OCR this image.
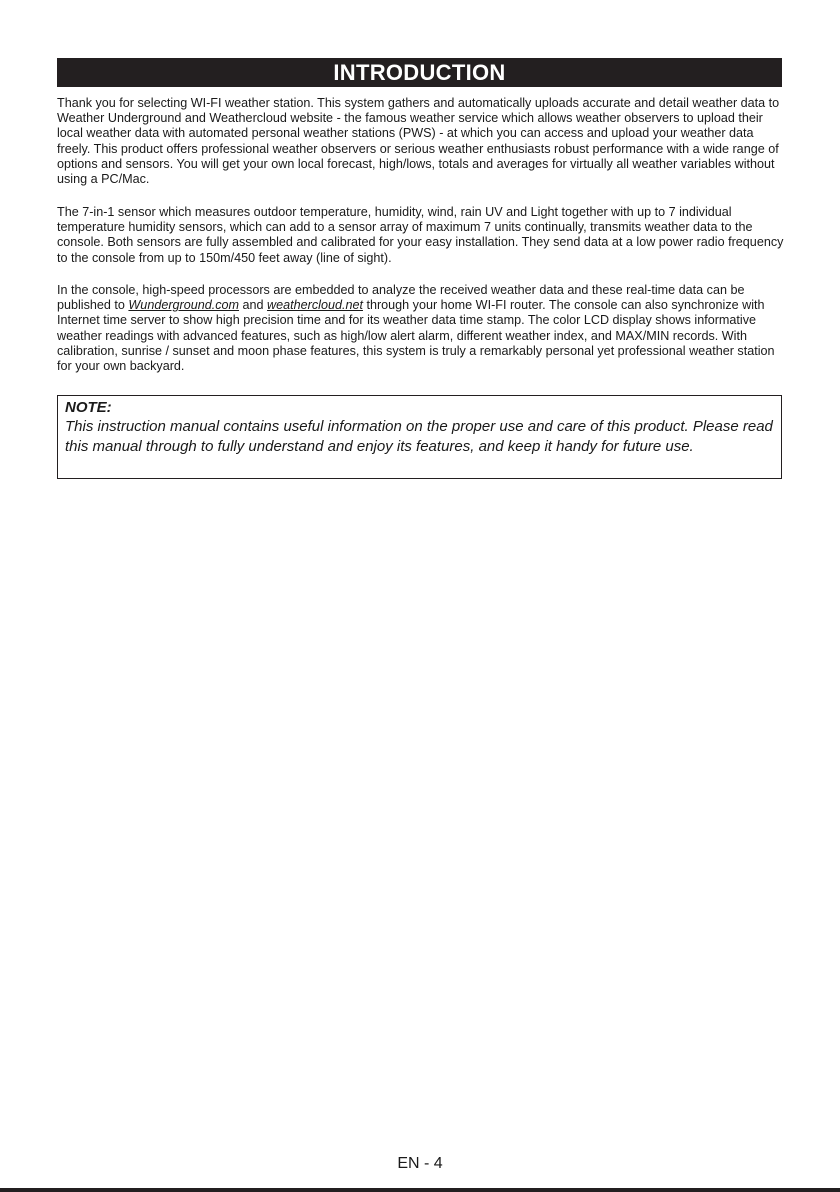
INTRODUCTION

Thank you for selecting WI-FI weather station. This system gathers and automatically uploads accurate and detail weather data to Weather Underground and Weathercloud website - the famous weather service which allows weather observers to upload their local weather data with automated personal weather stations (PWS) - at which you can access and upload your weather data freely. This product offers professional weather observers or serious weather enthusiasts robust performance with a wide range of options and sensors. You will get your own local forecast, high/lows, totals and averages for virtually all weather variables without using a PC/Mac.

The 7-in-1 sensor which measures outdoor temperature, humidity, wind, rain UV and Light together with up to 7 individual temperature humidity sensors, which can add to a sensor array of maximum 7 units continually, transmits weather data to the console. Both sensors are fully assembled and calibrated for your easy installation. They send data at a low power radio frequency to the console from up to 150m/450 feet away (line of sight).

In the console, high-speed processors are embedded to analyze the received weather data and these real-time data can be published to Wunderground.com and weathercloud.net through your home WI-FI router. The console can also synchronize with Internet time server to show high precision time and for its weather data time stamp. The color LCD display shows informative weather readings with advanced features, such as high/low alert alarm, different weather index, and MAX/MIN records. With calibration, sunrise / sunset and moon phase features, this system is truly a remarkably personal yet professional weather station for your own backyard.

NOTE:
This instruction manual contains useful information on the proper use and care of this product. Please read this manual through to fully understand and enjoy its features, and keep it handy for future use.
EN - 4
